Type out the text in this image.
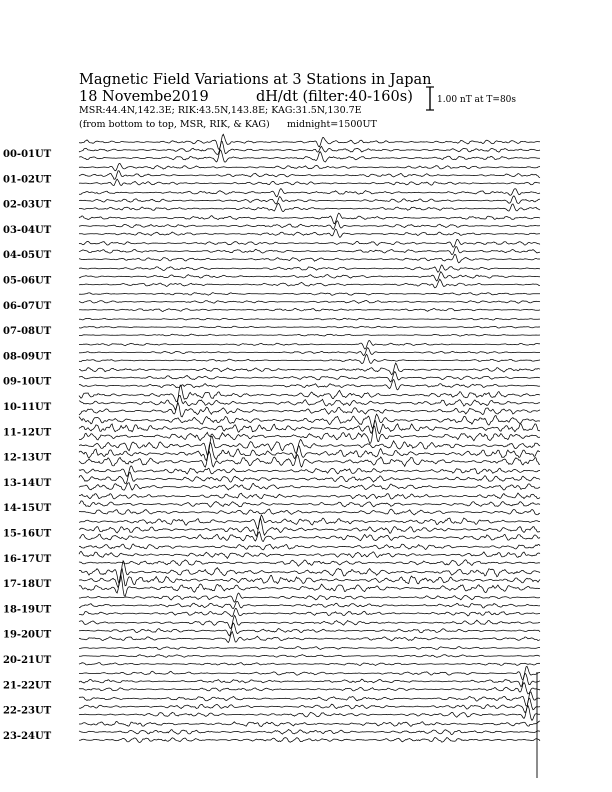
Magnetic Field Variations at 3 Stations in Japan
18 Novembe2019	dH/dt (filter:40-160s)
MSR:44.4N,142.3E; RIK:43.5N,143.8E; KAG:31.5N,130.7E
(from bottom to top, MSR, RIK, & KAG) midnight=1500UT
1.00 nT at T=80s
00-01UT
01-02UT
02-03UT
03-04UT
04-05UT
05-06UT
06-07UT
07-08UT
08-09UT
09-10UT
10-11UT
11-12UT
12-13UT
13-14UT
14-15UT
15-16UT
16-17UT
17-18UT
18-19UT
19-20UT
20-21UT
21-22UT
22-23UT
23-24UT
